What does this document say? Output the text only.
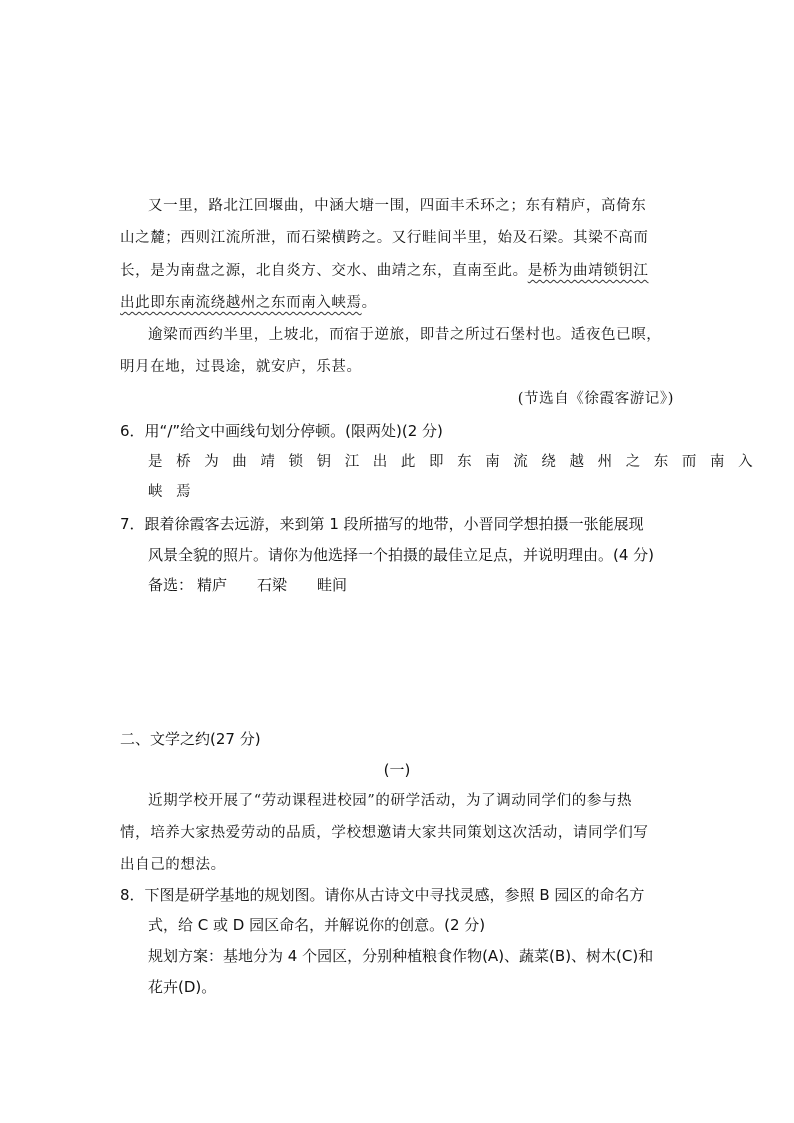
又一里，路北江回堰曲，中涵大塘一围，四面丰禾环之；东有精庐，高倚东
山之麓；西则江流所泄，而石梁横跨之。又行畦间半里，始及石梁。其梁不高而
长，是为南盘之源，北自炎方、交水、曲靖之东，直南至此。是桥为曲靖锁钥江
出此即东南流绕越州之东而南入峡焉。
逾梁而西约半里，上坡北，而宿于逆旅，即昔之所过石堡村也。适夜色已暝，
明月在地，过畏途，就安庐，乐甚。
(节选自《徐霞客游记》)
6．用“/”给文中画线句划分停顿。(限两处)(2 分)
是桥为曲靖锁钥江出此即东南流绕越州之东而南入
峡焉
7．跟着徐霞客去远游，来到第 1 段所描写的地带，小晋同学想拍摄一张能展现
风景全貌的照片。请你为他选择一个拍摄的最佳立足点，并说明理由。(4 分)
备选： 精庐 石梁 畦间
二、文学之约(27 分)
(一)
近期学校开展了“劳动课程进校园”的研学活动，为了调动同学们的参与热
情，培养大家热爱劳动的品质，学校想邀请大家共同策划这次活动，请同学们写
出自己的想法。
8．下图是研学基地的规划图。请你从古诗文中寻找灵感，参照 B 园区的命名方
式，给 C 或 D 园区命名，并解说你的创意。(2 分)
规划方案：基地分为 4 个园区，分别种植粮食作物(A)、蔬菜(B)、树木(C)和
花卉(D)。
